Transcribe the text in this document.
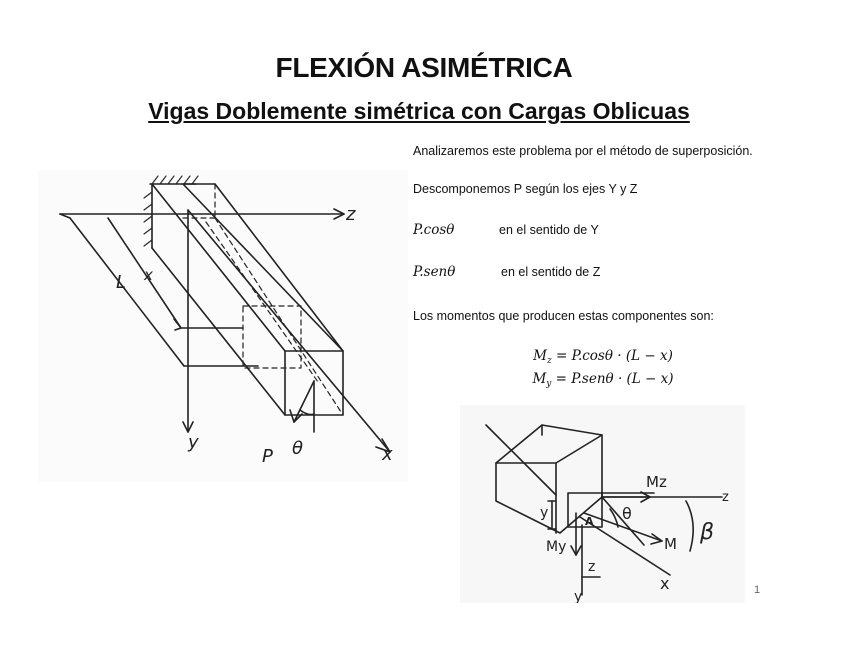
FLEXIÓN ASIMÉTRICA
Vigas Doblemente simétrica con Cargas Oblicuas

Analizaremos este problema por el método de superposición.

Descomponemos P según los ejes Y y Z

P.cosθ	en el sentido de Y
P.senθ	en el sentido de Z

Los momentos que producen estas componentes son:

$M_z = P.\cos\theta \cdot (L - x)$
$M_y = P.sen\theta \cdot (L - x)$
z
y
x
L
P θ
x
Mz
z
y	θ
A
M β
My
z
x
y	1
